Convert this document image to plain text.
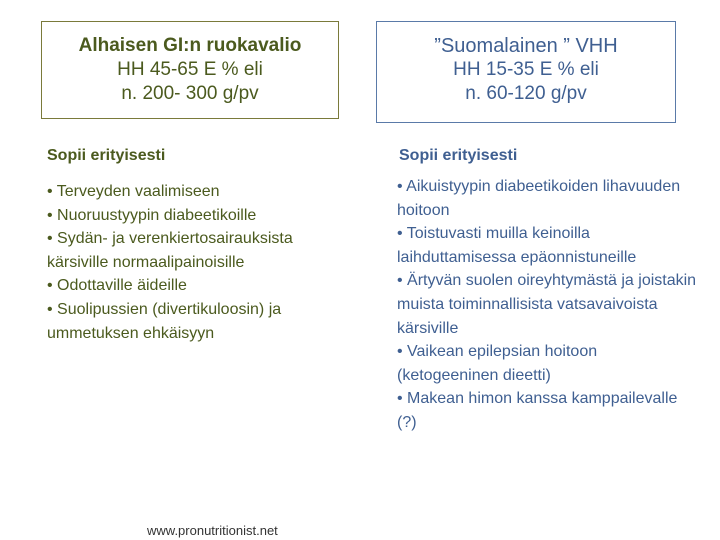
Alhaisen GI:n ruokavalio
HH 45-65 E % eli
n. 200- 300 g/pv
”Suomalainen ” VHH
HH 15-35 E % eli
n. 60-120 g/pv
Sopii erityisesti	Sopii erityisesti

• Terveyden vaalimiseen

• Nuoruustyypin diabeetikoille

• Sydän- ja verenkiertosairauksista kärsiville normaalipainoisille

• Odottaville äideille

• Suolipussien (divertikuloosin) ja ummetuksen ehkäisyyn

• Aikuistyypin diabeetikoiden lihavuuden hoitoon

• Toistuvasti muilla keinoilla laihduttamisessa epäonnistuneille

• Ärtyvän suolen oireyhtymästä ja joistakin muista toiminnallisista vatsavaivoista kärsiville

• Vaikean epilepsian hoitoon (ketogeeninen dieetti)

• Makean himon kanssa kamppailevalle (?)

www.pronutritionist.net
